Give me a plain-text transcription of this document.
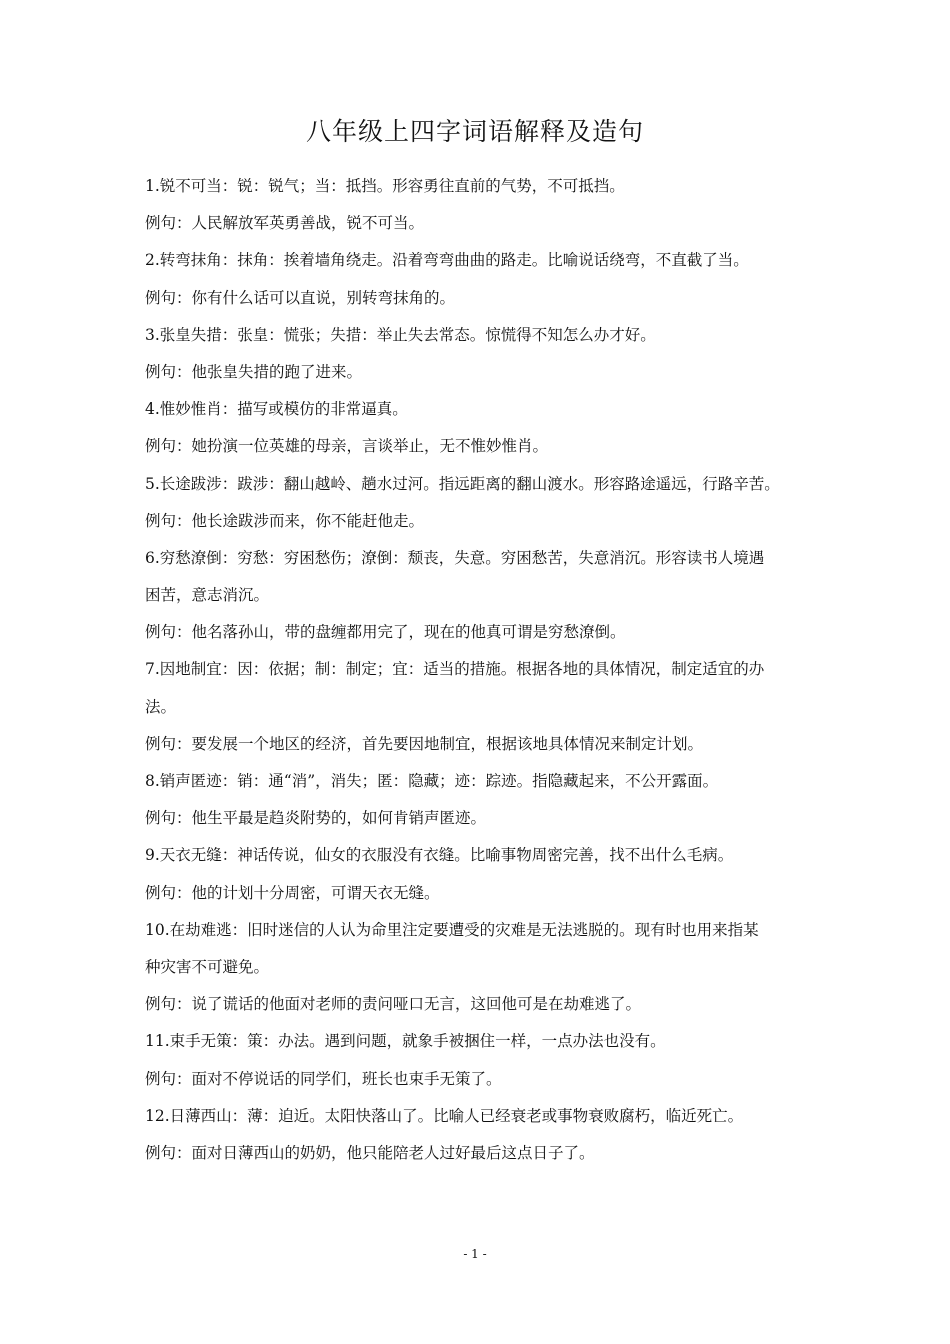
八年级上四字词语解释及造句
1.锐不可当：锐：锐气；当：抵挡。形容勇往直前的气势，不可抵挡。
例句：人民解放军英勇善战，锐不可当。
2.转弯抹角：抹角：挨着墙角绕走。沿着弯弯曲曲的路走。比喻说话绕弯，不直截了当。
例句：你有什么话可以直说，别转弯抹角的。
3.张皇失措：张皇：慌张；失措：举止失去常态。惊慌得不知怎么办才好。
例句：他张皇失措的跑了进来。
4.惟妙惟肖：描写或模仿的非常逼真。
例句：她扮演一位英雄的母亲，言谈举止，无不惟妙惟肖。
5.长途跋涉：跋涉：翻山越岭、趟水过河。指远距离的翻山渡水。形容路途遥远，行路辛苦。
例句：他长途跋涉而来，你不能赶他走。
6.穷愁潦倒：穷愁：穷困愁伤；潦倒：颓丧，失意。穷困愁苦，失意消沉。形容读书人境遇
困苦，意志消沉。
例句：他名落孙山，带的盘缠都用完了，现在的他真可谓是穷愁潦倒。
7.因地制宜：因：依据；制：制定；宜：适当的措施。根据各地的具体情况，制定适宜的办
法。
例句：要发展一个地区的经济，首先要因地制宜，根据该地具体情况来制定计划。
8.销声匿迹：销：通“消”，消失；匿：隐藏；迹：踪迹。指隐藏起来，不公开露面。
例句：他生平最是趋炎附势的，如何肯销声匿迹。
9.天衣无缝：神话传说，仙女的衣服没有衣缝。比喻事物周密完善，找不出什么毛病。
例句：他的计划十分周密，可谓天衣无缝。
10.在劫难逃：旧时迷信的人认为命里注定要遭受的灾难是无法逃脱的。现有时也用来指某
种灾害不可避免。
例句：说了谎话的他面对老师的责问哑口无言，这回他可是在劫难逃了。
11.束手无策：策：办法。遇到问题，就象手被捆住一样，一点办法也没有。
例句：面对不停说话的同学们，班长也束手无策了。
12.日薄西山：薄：迫近。太阳快落山了。比喻人已经衰老或事物衰败腐朽，临近死亡。
例句：面对日薄西山的奶奶，他只能陪老人过好最后这点日子了。
- 1 -
